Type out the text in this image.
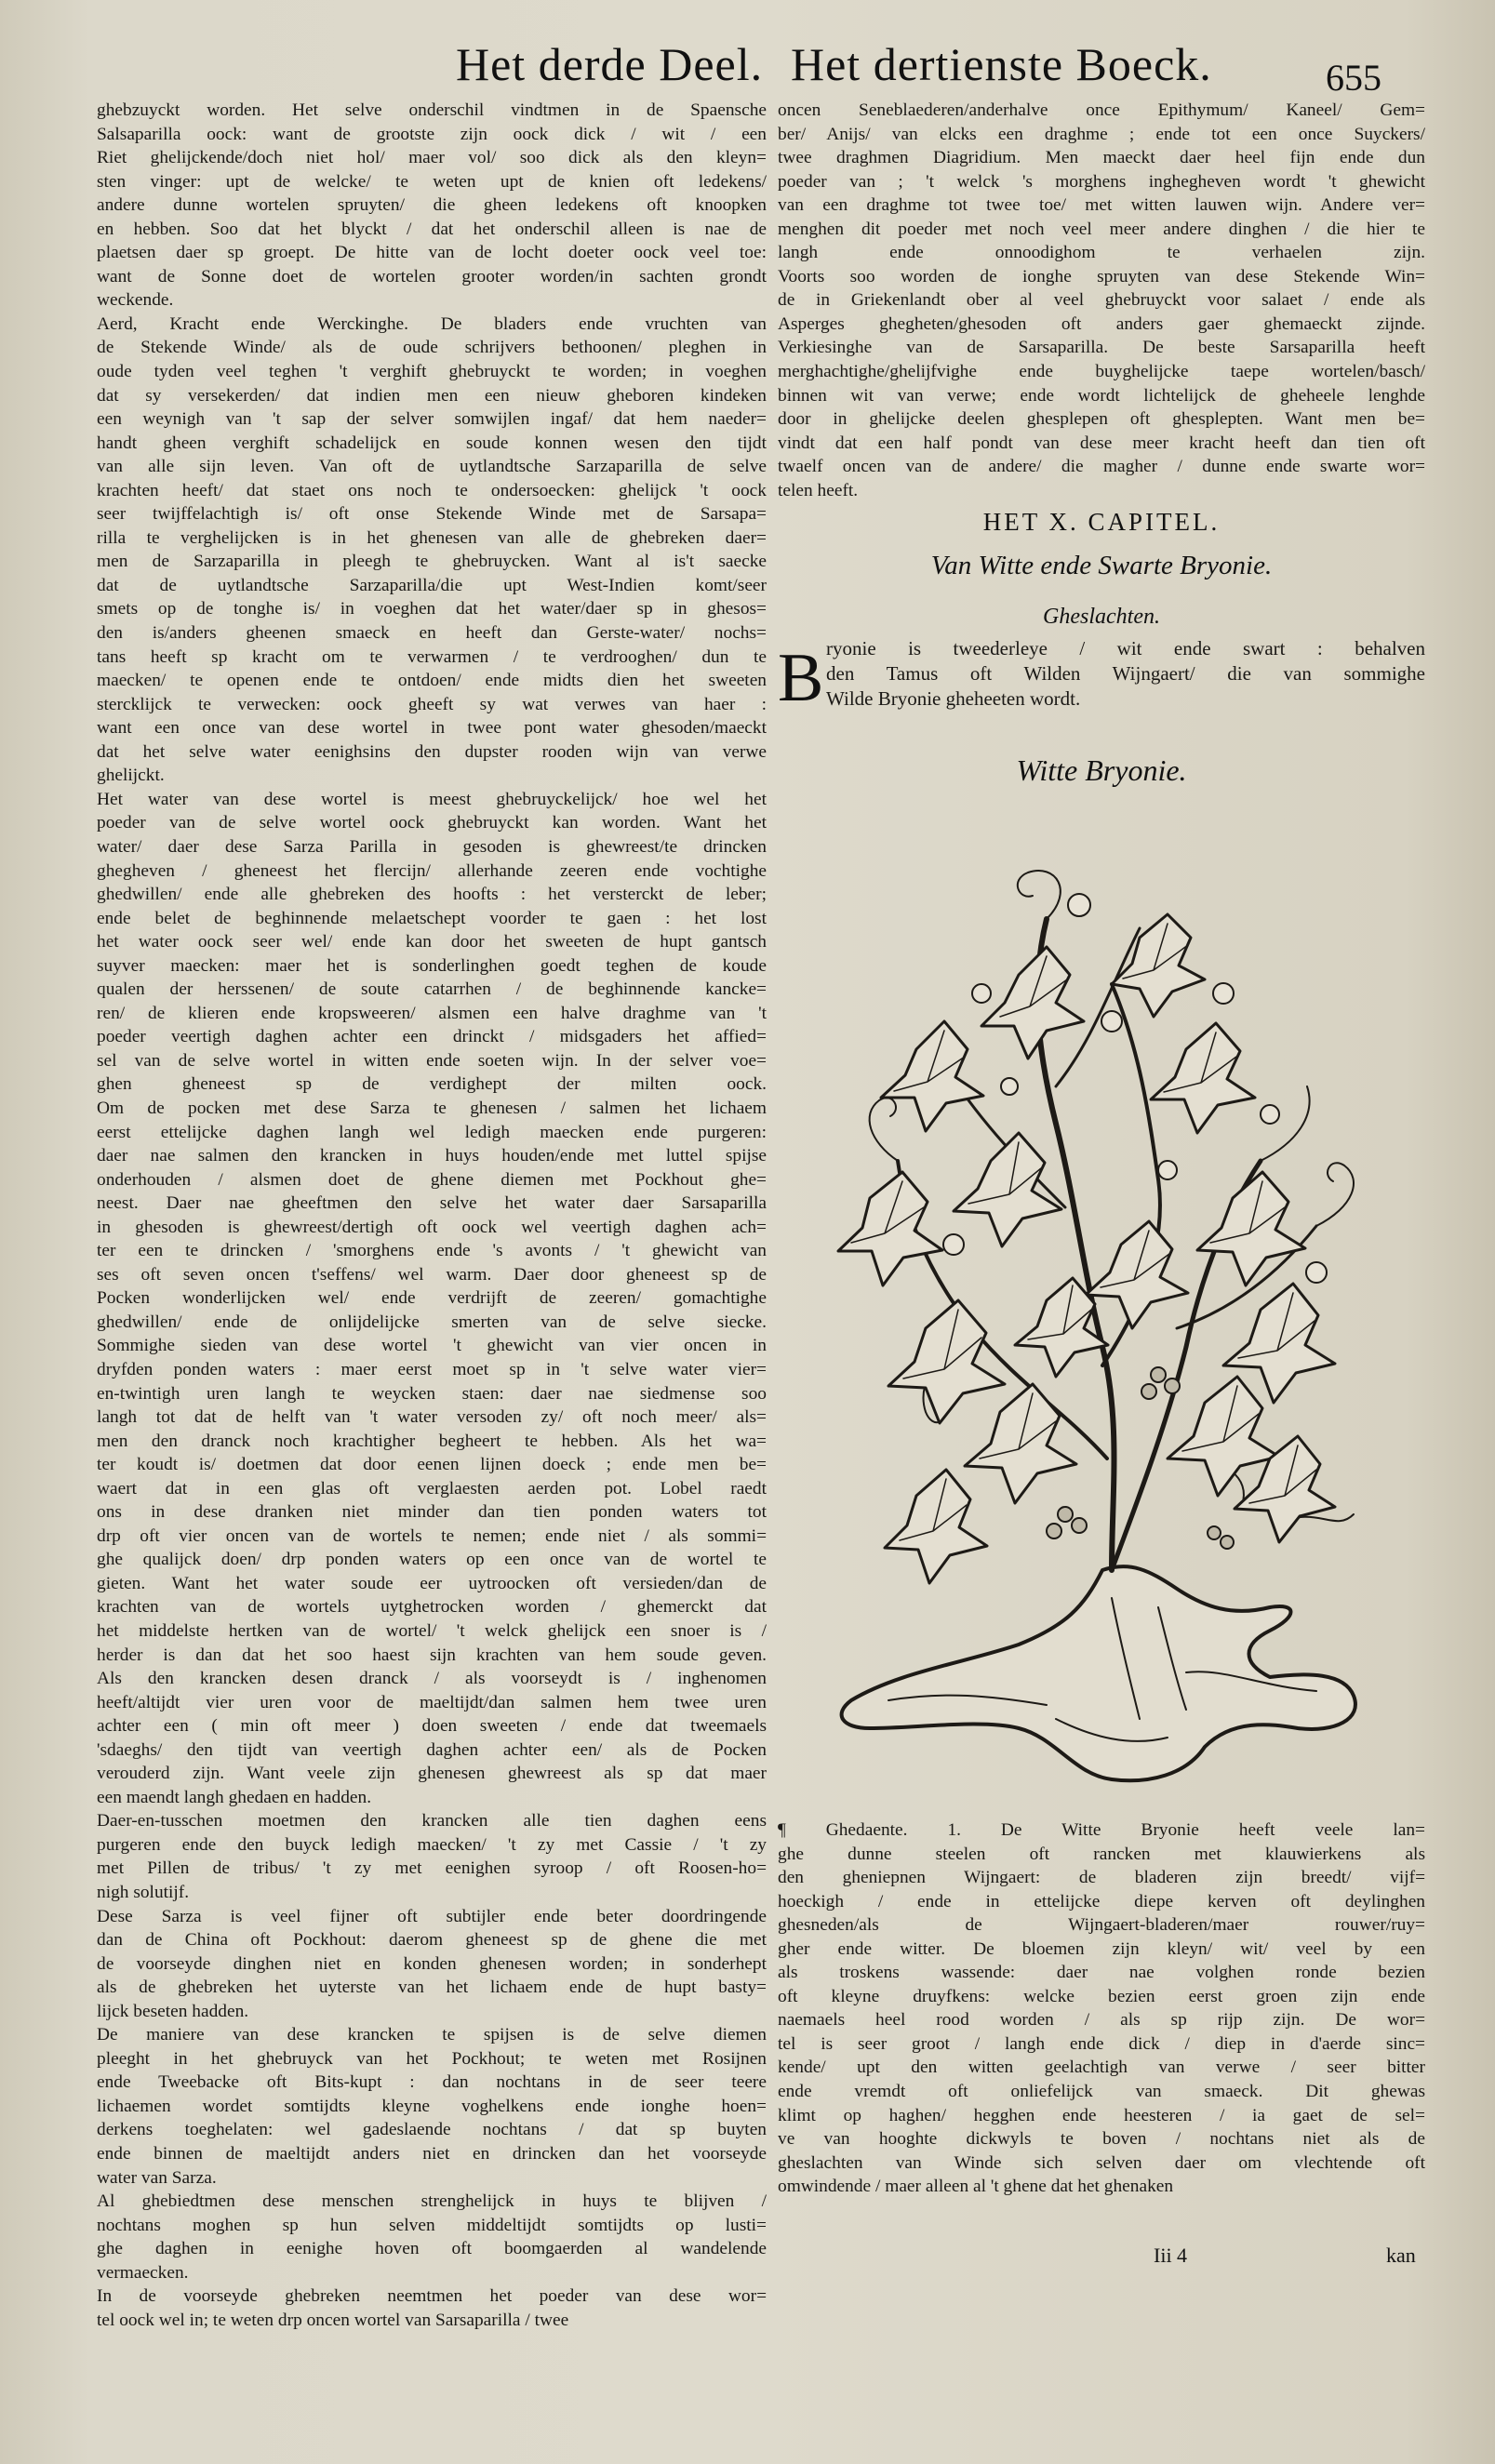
Het derde Deel. Het dertienste Boeck.	655
ghebzuyckt worden. Het selve onderschil vindtmen in de Spaensche
Salsaparilla oock: want de grootste zijn oock dick / wit / een
Riet ghelijckende/doch niet hol/ maer vol/ soo dick als den kleyn=
sten vinger: upt de welcke/ te weten upt de knien oft ledekens/
andere dunne wortelen spruyten/ die gheen ledekens oft knoopken
en hebben. Soo dat het blyckt / dat het onderschil alleen is nae de
plaetsen daer sp groept. De hitte van de locht doeter oock veel toe:
want de Sonne doet de wortelen grooter worden/in sachten grondt
weckende.
Aerd, Kracht ende Werckinghe. De bladers ende vruchten van
de Stekende Winde/ als de oude schrijvers bethoonen/ pleghen in
oude tyden veel teghen 't verghift ghebruyckt te worden; in voeghen
dat sy versekerden/ dat indien men een nieuw gheboren kindeken
een weynigh van 't sap der selver somwijlen ingaf/ dat hem naeder=
handt gheen verghift schadelijck en soude konnen wesen den tijdt
van alle sijn leven. Van oft de uytlandtsche Sarzaparilla de selve
krachten heeft/ dat staet ons noch te ondersoecken: ghelijck 't oock
seer twijffelachtigh is/ oft onse Stekende Winde met de Sarsapa=
rilla te verghelijcken is in het ghenesen van alle de ghebreken daer=
men de Sarzaparilla in pleegh te ghebruycken. Want al is't saecke
dat de uytlandtsche Sarzaparilla/die upt West-Indien komt/seer
smets op de tonghe is/ in voeghen dat het water/daer sp in ghesos=
den is/anders gheenen smaeck en heeft dan Gerste-water/ nochs=
tans heeft sp kracht om te verwarmen / te verdrooghen/ dun te
maecken/ te openen ende te ontdoen/ ende midts dien het sweeten
stercklijck te verwecken: oock gheeft sy wat verwes van haer :
want een once van dese wortel in twee pont water ghesoden/maeckt
dat het selve water eenighsins den dupster rooden wijn van verwe
ghelijckt.
Het water van dese wortel is meest ghebruyckelijck/ hoe wel het
poeder van de selve wortel oock ghebruyckt kan worden. Want het
water/ daer dese Sarza Parilla in gesoden is ghewreest/te drincken
ghegheven / gheneest het flercijn/ allerhande zeeren ende vochtighe
ghedwillen/ ende alle ghebreken des hoofts : het versterckt de leber;
ende belet de beghinnende melaetschept voorder te gaen : het lost
het water oock seer wel/ ende kan door het sweeten de hupt gantsch
suyver maecken: maer het is sonderlinghen goedt teghen de koude
qualen der herssenen/ de soute catarrhen / de beghinnende kancke=
ren/ de klieren ende kropsweeren/ alsmen een halve draghme van 't
poeder veertigh daghen achter een drinckt / midsgaders het affied=
sel van de selve wortel in witten ende soeten wijn. In der selver voe=
ghen gheneest sp de verdighept der milten oock.
Om de pocken met dese Sarza te ghenesen / salmen het lichaem
eerst ettelijcke daghen langh wel ledigh maecken ende purgeren:
daer nae salmen den krancken in huys houden/ende met luttel spijse
onderhouden / alsmen doet de ghene diemen met Pockhout ghe=
neest. Daer nae gheeftmen den selve het water daer Sarsaparilla
in ghesoden is ghewreest/dertigh oft oock wel veertigh daghen ach=
ter een te drincken / 'smorghens ende 's avonts / 't ghewicht van
ses oft seven oncen t'seffens/ wel warm. Daer door gheneest sp de
Pocken wonderlijcken wel/ ende verdrijft de zeeren/ gomachtighe
ghedwillen/ ende de onlijdelijcke smerten van de selve siecke.
Sommighe sieden van dese wortel 't ghewicht van vier oncen in
dryfden ponden waters : maer eerst moet sp in 't selve water vier=
en-twintigh uren langh te weycken staen: daer nae siedmense soo
langh tot dat de helft van 't water versoden zy/ oft noch meer/ als=
men den dranck noch krachtigher begheert te hebben. Als het wa=
ter koudt is/ doetmen dat door eenen lijnen doeck ; ende men be=
waert dat in een glas oft verglaesten aerden pot. Lobel raedt
ons in dese dranken niet minder dan tien ponden waters tot
drp oft vier oncen van de wortels te nemen; ende niet / als sommi=
ghe qualijck doen/ drp ponden waters op een once van de wortel te
gieten. Want het water soude eer uytroocken oft versieden/dan de
krachten van de wortels uytghetrocken worden / ghemerckt dat
het middelste hertken van de wortel/ 't welck ghelijck een snoer is /
herder is dan dat het soo haest sijn krachten van hem soude geven.
Als den krancken desen dranck / als voorseydt is / inghenomen
heeft/altijdt vier uren voor de maeltijdt/dan salmen hem twee uren
achter een ( min oft meer ) doen sweeten / ende dat tweemaels
'sdaeghs/ den tijdt van veertigh daghen achter een/ als de Pocken
verouderd zijn. Want veele zijn ghenesen ghewreest als sp dat maer
een maendt langh ghedaen en hadden.
Daer-en-tusschen moetmen den krancken alle tien daghen eens
purgeren ende den buyck ledigh maecken/ 't zy met Cassie / 't zy
met Pillen de tribus/ 't zy met eenighen syroop / oft Roosen-ho=
nigh solutijf.
Dese Sarza is veel fijner oft subtijler ende beter doordringende
dan de China oft Pockhout: daerom gheneest sp de ghene die met
de voorseyde dinghen niet en konden ghenesen worden; in sonderhept
als de ghebreken het uyterste van het lichaem ende de hupt basty=
lijck beseten hadden.
De maniere van dese krancken te spijsen is de selve diemen
pleeght in het ghebruyck van het Pockhout; te weten met Rosijnen
ende Tweebacke oft Bits-kupt : dan nochtans in de seer teere
lichaemen wordet somtijdts kleyne voghelkens ende ionghe hoen=
derkens toeghelaten: wel gadeslaende nochtans / dat sp buyten
ende binnen de maeltijdt anders niet en drincken dan het voorseyde
water van Sarza.
Al ghebiedtmen dese menschen strenghelijck in huys te blijven /
nochtans moghen sp hun selven middeltijdt somtijdts op lusti=
ghe daghen in eenighe hoven oft boomgaerden al wandelende
vermaecken.
In de voorseyde ghebreken neemtmen het poeder van dese wor=
tel oock wel in; te weten drp oncen wortel van Sarsaparilla / twee
oncen Seneblaederen/anderhalve once Epithymum/ Kaneel/ Gem=
ber/ Anijs/ van elcks een draghme ; ende tot een once Suyckers/
twee draghmen Diagridium. Men maeckt daer heel fijn ende dun
poeder van ; 't welck 's morghens inghegheven wordt 't ghewicht
van een draghme tot twee toe/ met witten lauwen wijn. Andere ver=
menghen dit poeder met noch veel meer andere dinghen / die hier te
langh ende onnoodighom te verhaelen zijn.
Voorts soo worden de ionghe spruyten van dese Stekende Win=
de in Griekenlandt ober al veel ghebruyckt voor salaet / ende als
Asperges ghegheten/ghesoden oft anders gaer ghemaeckt zijnde.
Verkiesinghe van de Sarsaparilla. De beste Sarsaparilla heeft
merghachtighe/ghelijfvighe ende buyghelijcke taepe wortelen/basch/
binnen wit van verwe; ende wordt lichtelijck de gheheele lenghde
door in ghelijcke deelen ghesplepen oft ghesplepten. Want men be=
vindt dat een half pondt van dese meer kracht heeft dan tien oft
twaelf oncen van de andere/ die magher / dunne ende swarte wor=
telen heeft.
HET X. CAPITEL.
Van Witte ende Swarte Bryonie.
Gheslachten.
B ryonie is tweederleye / wit ende swart : behalven
den Tamus oft Wilden Wijngaert/ die van sommighe
Wilde Bryonie gheheeten wordt.
Witte Bryonie.
¶ Ghedaente. 1. De Witte Bryonie heeft veele lan=
ghe dunne steelen oft rancken met klauwierkens als
den gheniepnen Wijngaert: de bladeren zijn breedt/ vijf=
hoeckigh / ende in ettelijcke diepe kerven oft deylinghen
ghesneden/als de Wijngaert-bladeren/maer rouwer/ruy=
gher ende witter. De bloemen zijn kleyn/ wit/ veel by een
als troskens wassende: daer nae volghen ronde bezien
oft kleyne druyfkens: welcke bezien eerst groen zijn ende
naemaels heel rood worden / als sp rijp zijn. De wor=
tel is seer groot / langh ende dick / diep in d'aerde sinc=
kende/ upt den witten geelachtigh van verwe / seer bitter
ende vremdt oft onliefelijck van smaeck. Dit ghewas
klimt op haghen/ hegghen ende heesteren / ia gaet de sel=
ve van hooghte dickwyls te boven / nochtans niet als de
gheslachten van Winde sich selven daer om vlechtende oft
omwindende / maer alleen al 't ghene dat het ghenaken
Iii 4	kan
